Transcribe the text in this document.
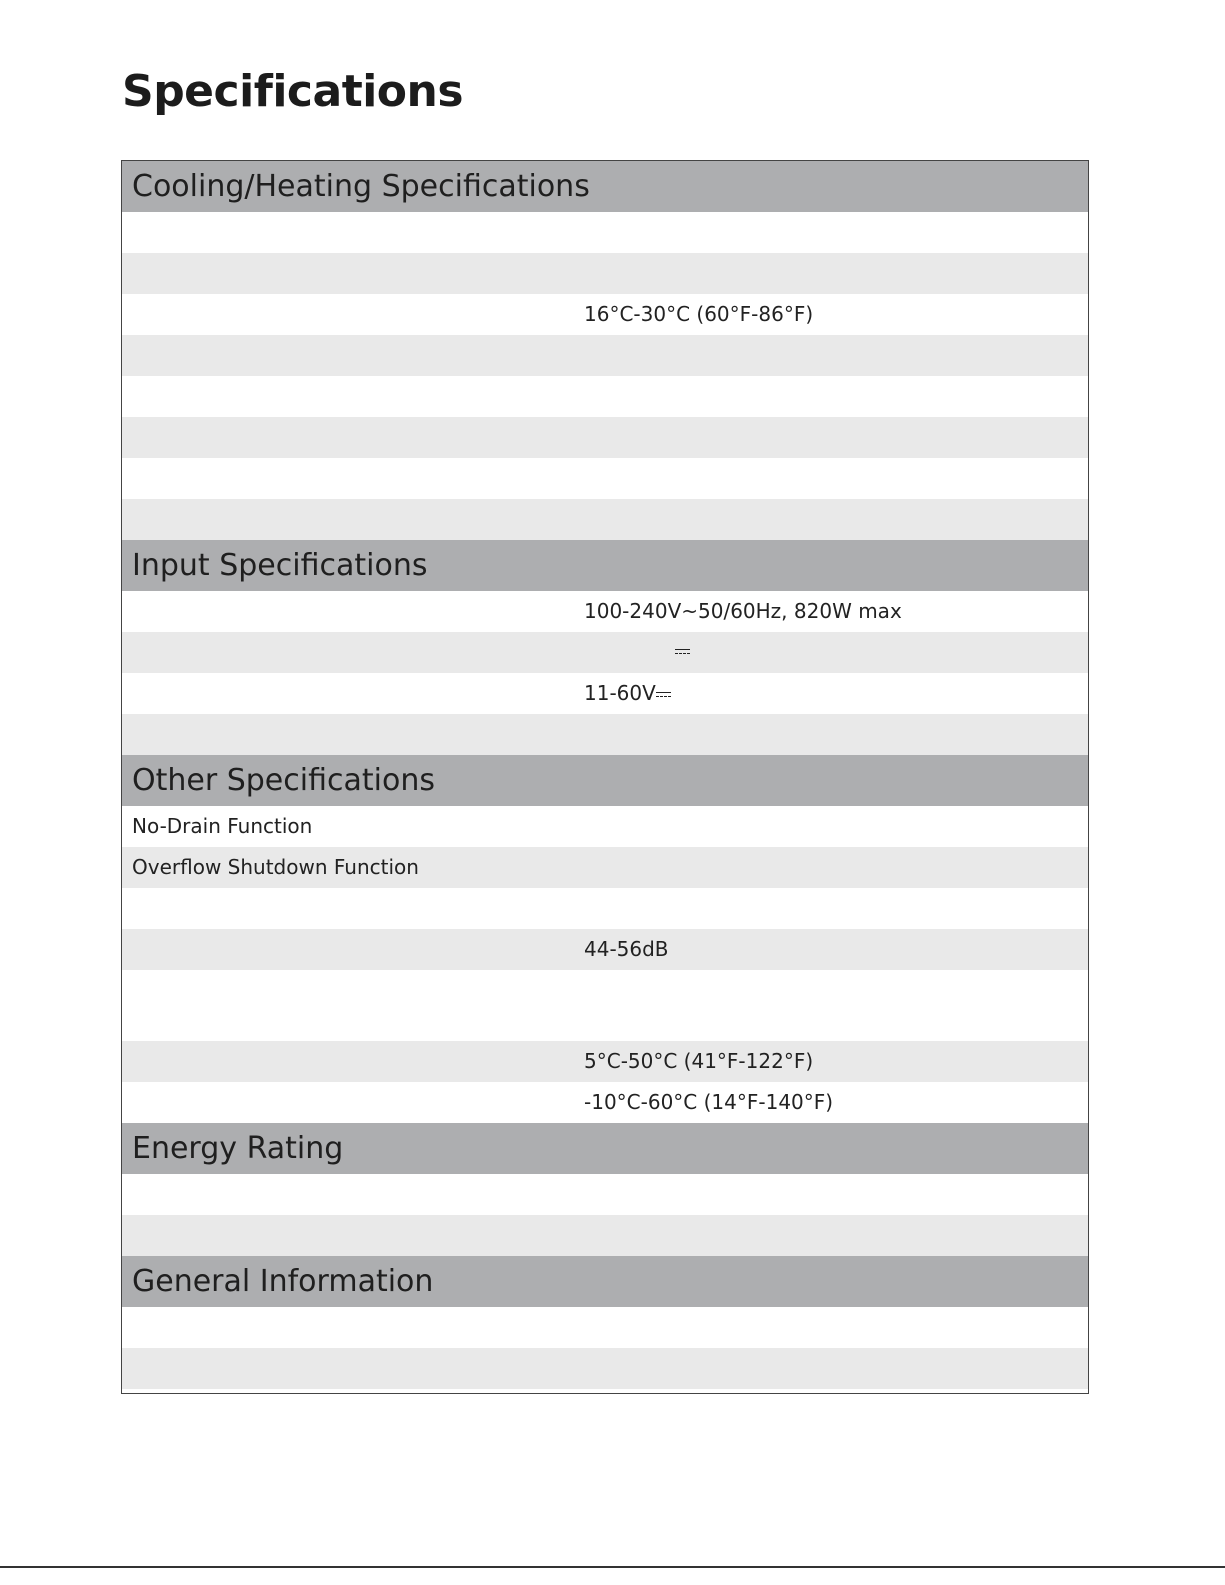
Specifications
Cooling/Heating Specifications
16°C-30°C (60°F-86°F)
Input Specifications
100-240V~50/60Hz, 820W max
11-60V
Other Specifications
No-Drain Function
Overflow Shutdown Function
44-56dB
5°C-50°C (41°F-122°F)
-10°C-60°C (14°F-140°F)
Energy Rating
General Information
